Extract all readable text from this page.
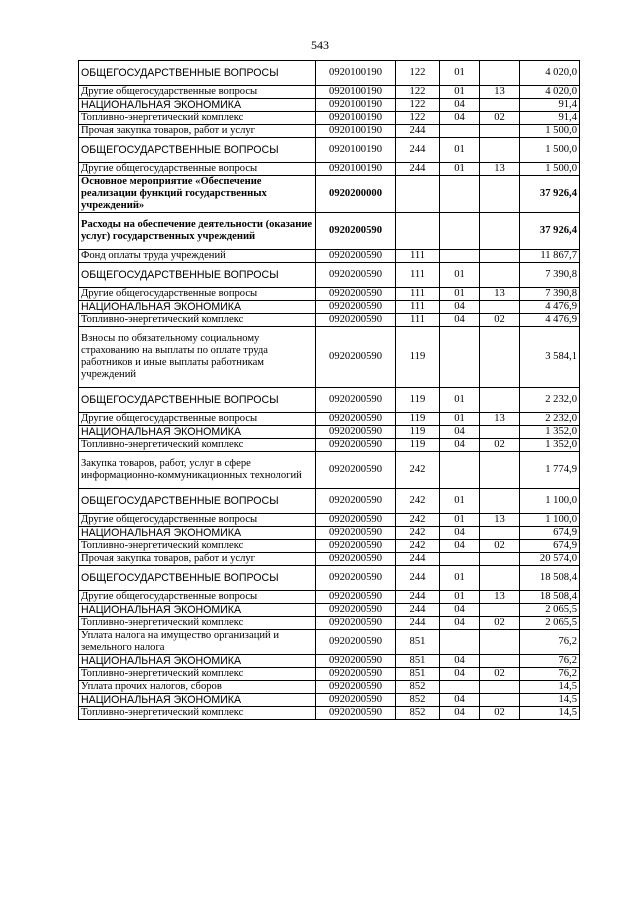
543
ОБЩЕГОСУДАРСТВЕННЫЕ ВОПРОСЫ	0920100190	122	01		4 020,0
Другие общегосударственные вопросы	0920100190	122	01	13	4 020,0
НАЦИОНАЛЬНАЯ ЭКОНОМИКА	0920100190	122	04		91,4
Топливно-энергетический комплекс	0920100190	122	04	02	91,4
Прочая закупка товаров, работ и услуг	0920100190	244			1 500,0
ОБЩЕГОСУДАРСТВЕННЫЕ ВОПРОСЫ	0920100190	244	01		1 500,0
Другие общегосударственные вопросы	0920100190	244	01	13	1 500,0
Основное мероприятие «Обеспечение реализации функций государственных учреждений»	0920200000				37 926,4
Расходы на обеспечение деятельности (оказание услуг) государственных учреждений	0920200590				37 926,4
Фонд оплаты труда учреждений	0920200590	111			11 867,7
ОБЩЕГОСУДАРСТВЕННЫЕ ВОПРОСЫ	0920200590	111	01		7 390,8
Другие общегосударственные вопросы	0920200590	111	01	13	7 390,8
НАЦИОНАЛЬНАЯ ЭКОНОМИКА	0920200590	111	04		4 476,9
Топливно-энергетический комплекс	0920200590	111	04	02	4 476,9
Взносы по обязательному социальному страхованию на выплаты по оплате труда работников и иные выплаты работникам учреждений	0920200590	119			3 584,1
ОБЩЕГОСУДАРСТВЕННЫЕ ВОПРОСЫ	0920200590	119	01		2 232,0
Другие общегосударственные вопросы	0920200590	119	01	13	2 232,0
НАЦИОНАЛЬНАЯ ЭКОНОМИКА	0920200590	119	04		1 352,0
Топливно-энергетический комплекс	0920200590	119	04	02	1 352,0
Закупка товаров, работ, услуг в сфере информационно-коммуникационных технологий	0920200590	242			1 774,9
ОБЩЕГОСУДАРСТВЕННЫЕ ВОПРОСЫ	0920200590	242	01		1 100,0
Другие общегосударственные вопросы	0920200590	242	01	13	1 100,0
НАЦИОНАЛЬНАЯ ЭКОНОМИКА	0920200590	242	04		674,9
Топливно-энергетический комплекс	0920200590	242	04	02	674,9
Прочая закупка товаров, работ и услуг	0920200590	244			20 574,0
ОБЩЕГОСУДАРСТВЕННЫЕ ВОПРОСЫ	0920200590	244	01		18 508,4
Другие общегосударственные вопросы	0920200590	244	01	13	18 508,4
НАЦИОНАЛЬНАЯ ЭКОНОМИКА	0920200590	244	04		2 065,5
Топливно-энергетический комплекс	0920200590	244	04	02	2 065,5
Уплата налога на имущество организаций и земельного налога	0920200590	851			76,2
НАЦИОНАЛЬНАЯ ЭКОНОМИКА	0920200590	851	04		76,2
Топливно-энергетический комплекс	0920200590	851	04	02	76,2
Уплата прочих налогов, сборов	0920200590	852			14,5
НАЦИОНАЛЬНАЯ ЭКОНОМИКА	0920200590	852	04		14,5
Топливно-энергетический комплекс	0920200590	852	04	02	14,5
